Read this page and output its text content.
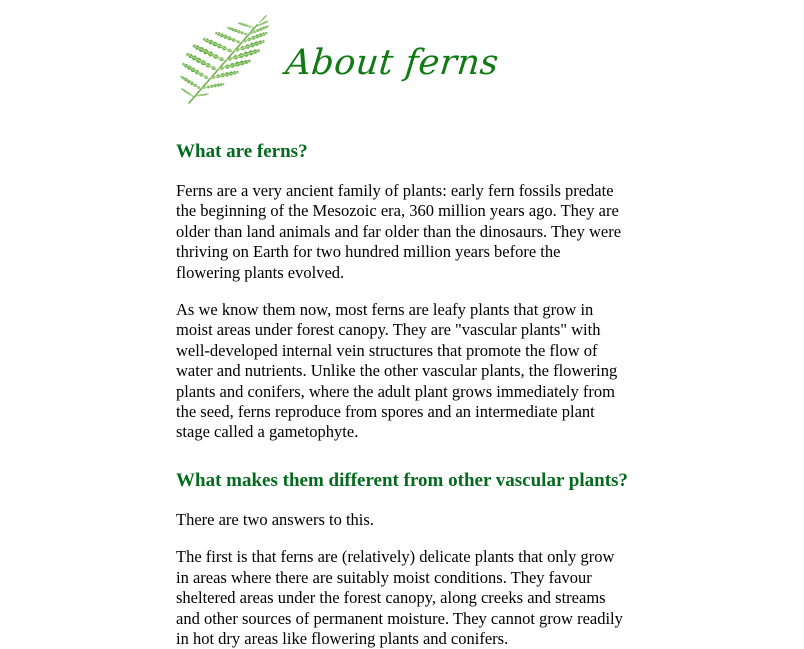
About ferns
What are ferns?

Ferns are a very ancient family of plants: early fern fossils predate the beginning of the Mesozoic era, 360 million years ago. They are older than land animals and far older than the dinosaurs. They were thriving on Earth for two hundred million years before the flowering plants evolved.

As we know them now, most ferns are leafy plants that grow in moist areas under forest canopy. They are "vascular plants" with well-developed internal vein structures that promote the flow of water and nutrients. Unlike the other vascular plants, the flowering plants and conifers, where the adult plant grows immediately from the seed, ferns reproduce from spores and an intermediate plant stage called a gametophyte.

What makes them different from other vascular plants?

There are two answers to this.

The first is that ferns are (relatively) delicate plants that only grow in areas where there are suitably moist conditions. They favour sheltered areas under the forest canopy, along creeks and streams and other sources of permanent moisture. They cannot grow readily in hot dry areas like flowering plants and conifers.
